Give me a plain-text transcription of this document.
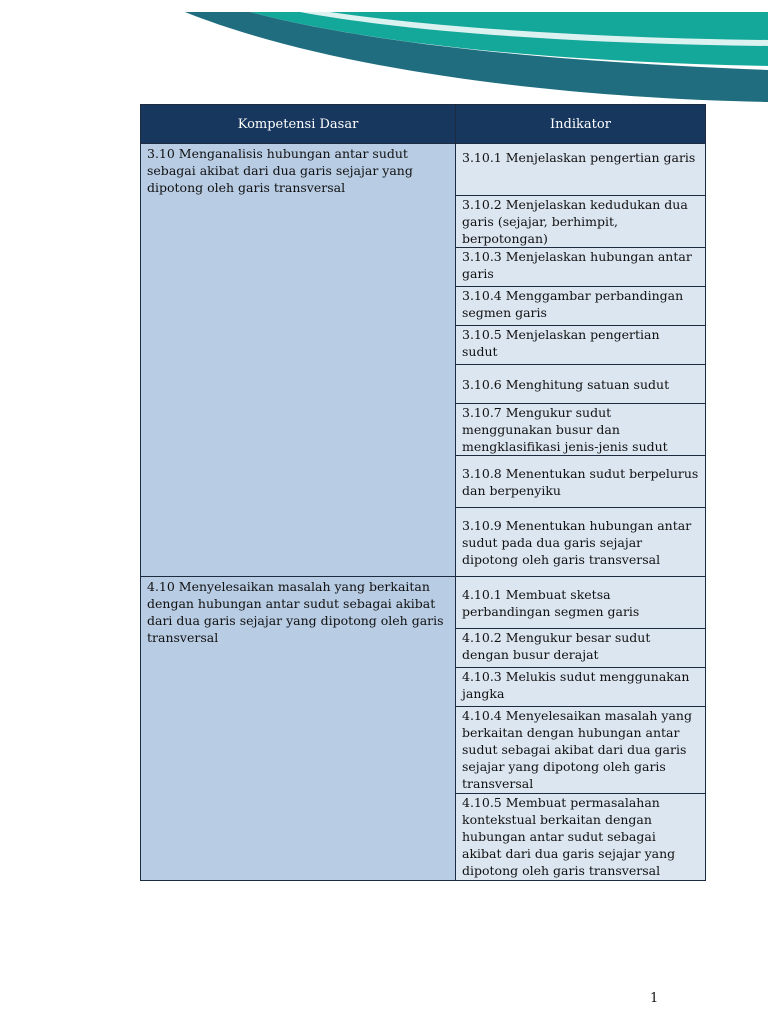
Kompetensi Dasar	Indikator
3.10 Menganalisis hubungan antar sudut sebagai akibat dari dua garis sejajar yang dipotong oleh garis transversal	3.10.1 Menjelaskan pengertian garis
	3.10.2 Menjelaskan kedudukan dua garis (sejajar, berhimpit, berpotongan)
	3.10.3 Menjelaskan hubungan antar garis
	3.10.4 Menggambar perbandingan segmen garis
	3.10.5 Menjelaskan pengertian sudut
	3.10.6 Menghitung satuan sudut
	3.10.7 Mengukur sudut menggunakan busur dan mengklasifikasi jenis-jenis sudut
	3.10.8 Menentukan sudut berpelurus dan berpenyiku
	3.10.9 Menentukan hubungan antar sudut pada dua garis sejajar dipotong oleh garis transversal
4.10 Menyelesaikan masalah yang berkaitan dengan hubungan antar sudut sebagai akibat dari dua garis sejajar yang dipotong oleh garis transversal	4.10.1 Membuat sketsa perbandingan segmen garis
	4.10.2 Mengukur besar sudut dengan busur derajat
	4.10.3 Melukis sudut menggunakan jangka
	4.10.4 Menyelesaikan masalah yang berkaitan dengan hubungan antar sudut sebagai akibat dari dua garis sejajar yang dipotong oleh garis transversal
	4.10.5 Membuat permasalahan kontekstual berkaitan dengan hubungan antar sudut sebagai akibat dari dua garis sejajar yang dipotong oleh garis transversal
1
